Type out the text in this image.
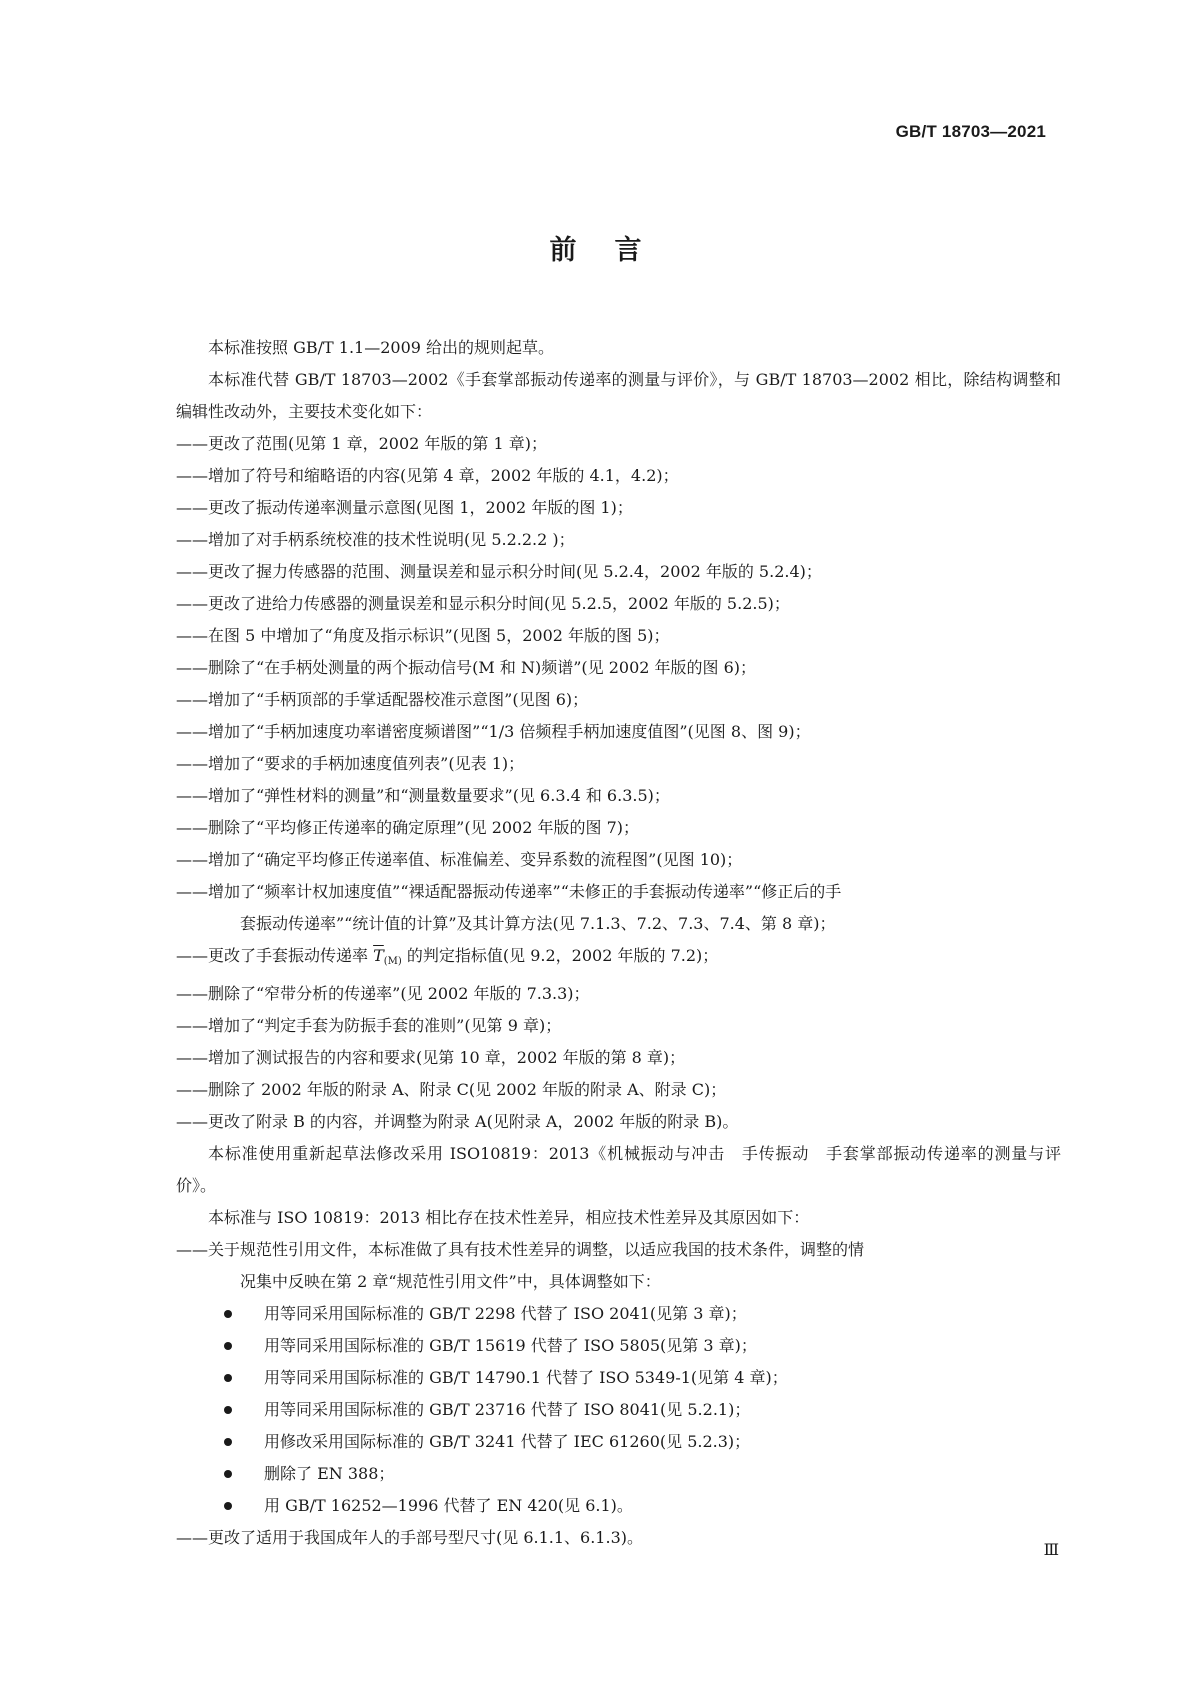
GB/T 18703—2021
前言

本标准按照 GB/T 1.1—2009 给出的规则起草。

本标准代替 GB/T 18703—2002《手套掌部振动传递率的测量与评价》，与 GB/T 18703—2002 相比，除结构调整和编辑性改动外，主要技术变化如下：

—— 更改了范围(见第 1 章，2002 年版的第 1 章)；

—— 增加了符号和缩略语的内容(见第 4 章，2002 年版的 4.1，4.2)；

—— 更改了振动传递率测量示意图(见图 1，2002 年版的图 1)；

—— 增加了对手柄系统校准的技术性说明(见 5.2.2.2 )；

—— 更改了握力传感器的范围、测量误差和显示积分时间(见 5.2.4，2002 年版的 5.2.4)；

—— 更改了进给力传感器的测量误差和显示积分时间(见 5.2.5，2002 年版的 5.2.5)；

—— 在图 5 中增加了“角度及指示标识”(见图 5，2002 年版的图 5)；

—— 删除了“在手柄处测量的两个振动信号(M 和 N)频谱”(见 2002 年版的图 6)；

—— 增加了“手柄顶部的手掌适配器校准示意图”(见图 6)；

—— 增加了“手柄加速度功率谱密度频谱图”“1/3 倍频程手柄加速度值图”(见图 8、图 9)；

—— 增加了“要求的手柄加速度值列表”(见表 1)；

—— 增加了“弹性材料的测量”和“测量数量要求”(见 6.3.4 和 6.3.5)；

—— 删除了“平均修正传递率的确定原理”(见 2002 年版的图 7)；

—— 增加了“确定平均修正传递率值、标准偏差、变异系数的流程图”(见图 10)；

—— 增加了“频率计权加速度值”“裸适配器振动传递率”“未修正的手套振动传递率”“修正后的手
套振动传递率”“统计值的计算”及其计算方法(见 7.1.3、7.2、7.3、7.4、第 8 章)；

—— 更改了手套振动传递率 $\overline{T}_{(M)}$ 的判定指标值(见 9.2，2002 年版的 7.2)；

—— 删除了“窄带分析的传递率”(见 2002 年版的 7.3.3)；

—— 增加了“判定手套为防振手套的准则”(见第 9 章)；

—— 增加了测试报告的内容和要求(见第 10 章，2002 年版的第 8 章)；

—— 删除了 2002 年版的附录 A、附录 C(见 2002 年版的附录 A、附录 C)；

—— 更改了附录 B 的内容，并调整为附录 A(见附录 A，2002 年版的附录 B)。

本标准使用重新起草法修改采用 ISO10819：2013《机械振动与冲击　手传振动　手套掌部振动传递率的测量与评价》。

本标准与 ISO 10819：2013 相比存在技术性差异，相应技术性差异及其原因如下：

—— 关于规范性引用文件，本标准做了具有技术性差异的调整，以适应我国的技术条件，调整的情
况集中反映在第 2 章“规范性引用文件”中，具体调整如下：

用等同采用国际标准的 GB/T 2298 代替了 ISO 2041(见第 3 章)；

用等同采用国际标准的 GB/T 15619 代替了 ISO 5805(见第 3 章)；

用等同采用国际标准的 GB/T 14790.1 代替了 ISO 5349-1(见第 4 章)；

用等同采用国际标准的 GB/T 23716 代替了 ISO 8041(见 5.2.1)；

用修改采用国际标准的 GB/T 3241 代替了 IEC 61260(见 5.2.3)；

删除了 EN 388；

用 GB/T 16252—1996 代替了 EN 420(见 6.1)。

—— 更改了适用于我国成年人的手部号型尺寸(见 6.1.1、6.1.3)。

Ⅲ
